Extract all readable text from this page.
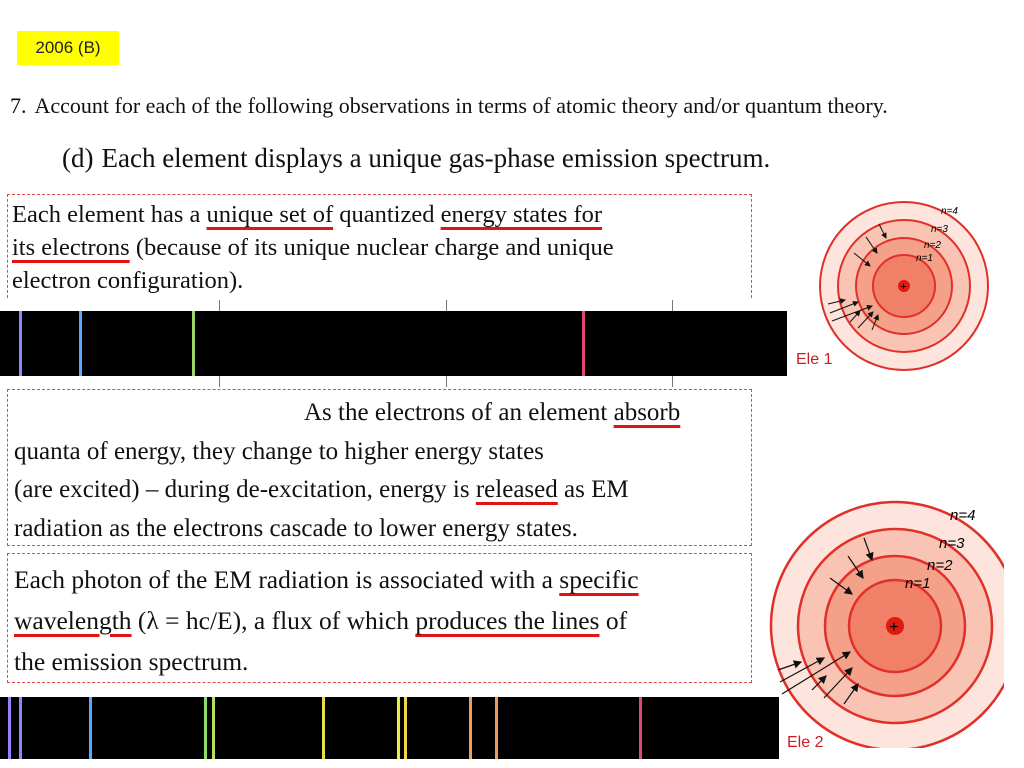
2006 (B)
7. Account for each of the following observations in terms of atomic theory and/or quantum theory.
(d) Each element displays a unique gas-phase emission spectrum.
Each element has a unique set of quantized energy states for
its electrons (because of its unique nuclear charge and unique
electron configuration).
Ele 1
+
n=4
n=3
n=2
n=1
As the electrons of an element absorb
quanta of energy, they change to higher energy states
(are excited) – during de-excitation, energy is released as EM
radiation as the electrons cascade to lower energy states.
Each photon of the EM radiation is associated with a specific
wavelength (λ = hc/E), a flux of which produces the lines of
the emission spectrum.
+
n=4
n=3
n=2
n=1
Ele 2
